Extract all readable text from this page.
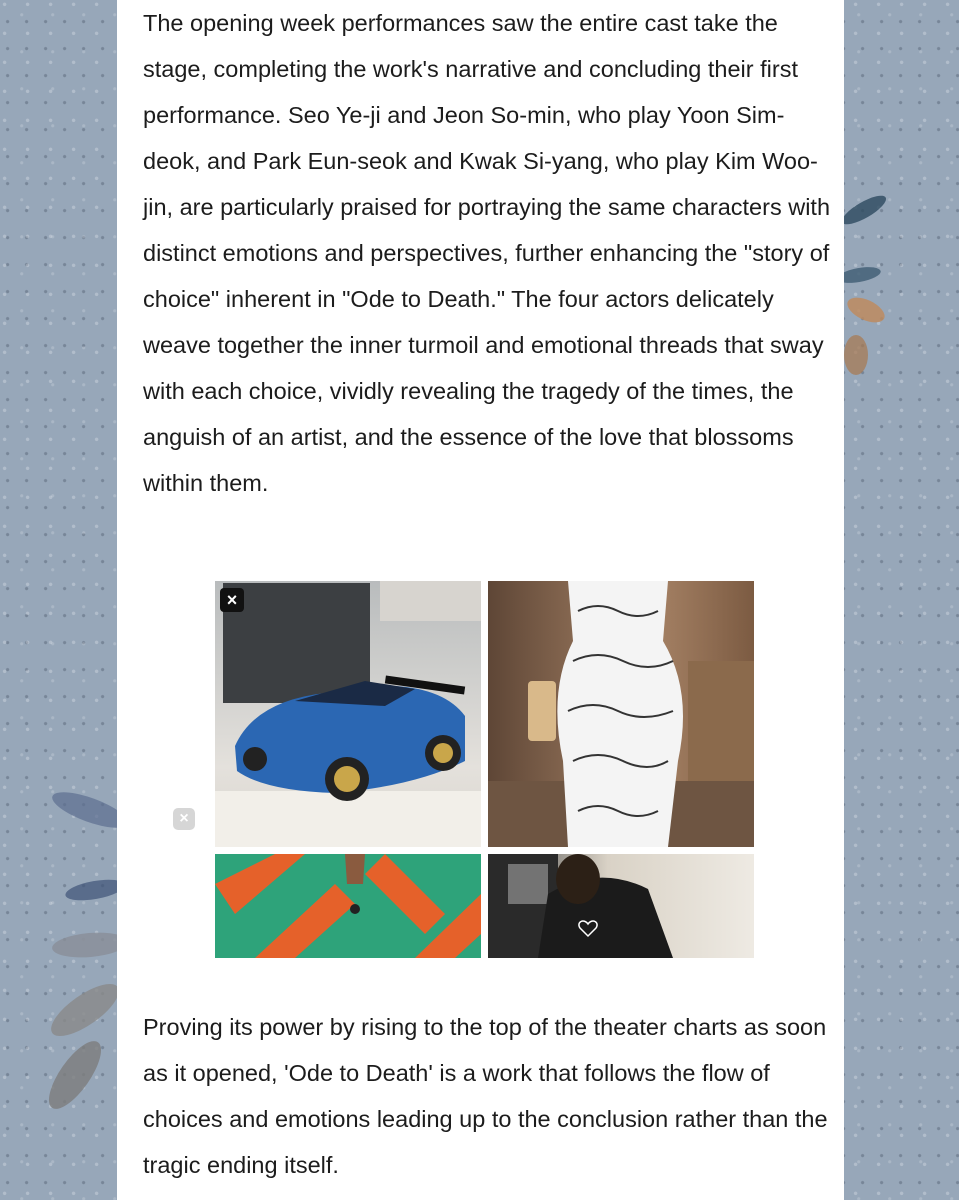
The opening week performances saw the entire cast take the stage, completing the work's narrative and concluding their first performance. Seo Ye-ji and Jeon So-min, who play Yoon Sim-deok, and Park Eun-seok and Kwak Si-yang, who play Kim Woo-jin, are particularly praised for portraying the same characters with distinct emotions and perspectives, further enhancing the "story of choice" inherent in "Ode to Death." The four actors delicately weave together the inner turmoil and emotional threads that sway with each choice, vividly revealing the tragedy of the times, the anguish of an artist, and the essence of the love that blossoms within them.

×
×

Proving its power by rising to the top of the theater charts as soon as it opened, 'Ode to Death' is a work that follows the flow of choices and emotions leading up to the conclusion rather than the tragic ending itself.
